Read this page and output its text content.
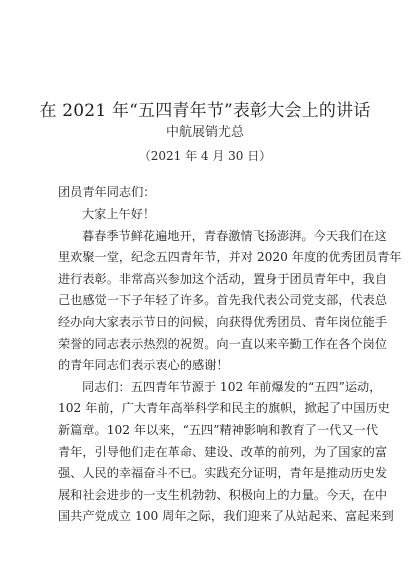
在 2021 年“五四青年节”表彰大会上的讲话
中航展销尤总
（2021 年 4 月 30 日）
团员青年同志们：
大家上午好！
暮春季节鲜花遍地开，青春激情飞扬澎湃。今天我们在这
里欢聚一堂，纪念五四青年节，并对 2020 年度的优秀团员青年
进行表彰。非常高兴参加这个活动，置身于团员青年中，我自
己也感觉一下子年轻了许多。首先我代表公司党支部，代表总
经办向大家表示节日的问候，向获得优秀团员、青年岗位能手
荣誉的同志表示热烈的祝贺。向一直以来辛勤工作在各个岗位
的青年同志们表示衷心的感谢！
同志们：五四青年节源于 102 年前爆发的“五四”运动，
102 年前，广大青年高举科学和民主的旗帜，掀起了中国历史
新篇章。102 年以来，“五四”精神影响和教育了一代又一代
青年，引导他们走在革命、建设、改革的前列，为了国家的富
强、人民的幸福奋斗不已。实践充分证明，青年是推动历史发
展和社会进步的一支生机勃勃、积极向上的力量。今天，在中
国共产党成立 100 周年之际，我们迎来了从站起来、富起来到
